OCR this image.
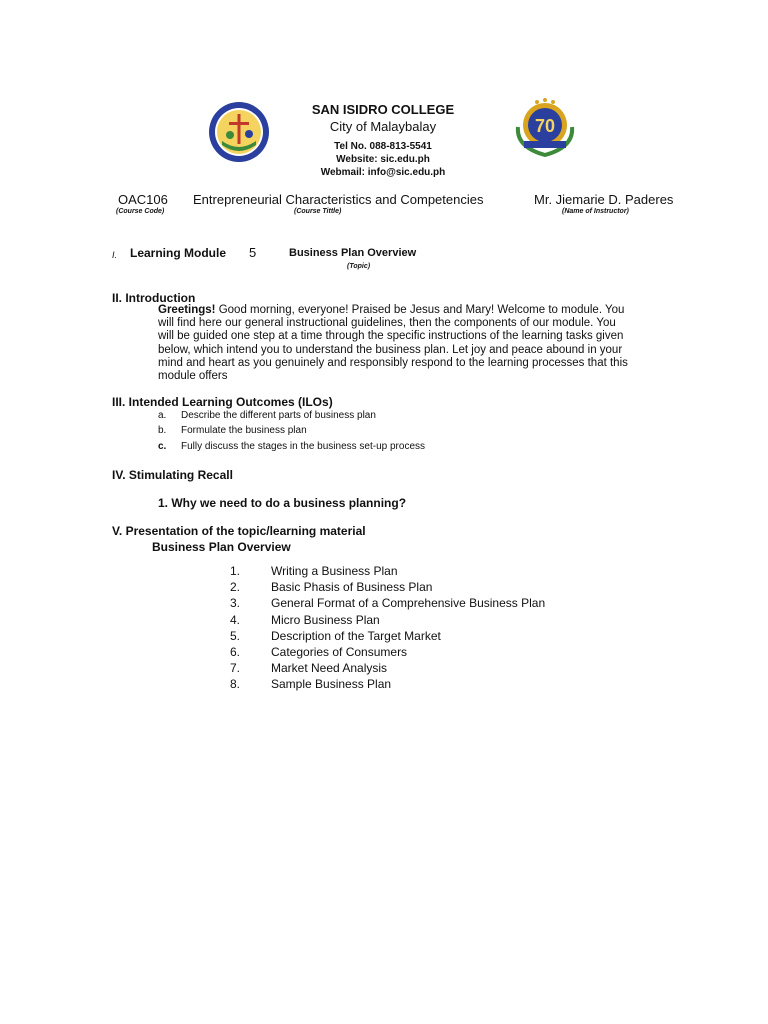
70
SAN ISIDRO COLLEGE
City of Malaybalay
Tel No. 088-813-5541
Website: sic.edu.ph
Webmail: info@sic.edu.ph
OAC106
(Course Code)
Entrepreneurial Characteristics and Competencies
(Course Tittle)
Mr. Jiemarie D. Paderes
(Name of Instructor)
I. Learning Module 5	Business Plan Overview
(Topic)
II. Introduction
Greetings! Good morning, everyone! Praised be Jesus and Mary! Welcome to module. You
will find here our general instructional guidelines, then the components of our module. You
will be guided one step at a time through the specific instructions of the learning tasks given
below, which intend you to understand the business plan. Let joy and peace abound in your
mind and heart as you genuinely and responsibly respond to the learning processes that this
module offers
III. Intended Learning Outcomes (ILOs)
a. Describe the different parts of business plan
b. Formulate the business plan
c. Fully discuss the stages in the business set-up process
IV. Stimulating Recall
1. Why we need to do a business planning?
V. Presentation of the topic/learning material
Business Plan Overview
1.	Writing a Business Plan
2.	Basic Phasis of Business Plan
3.	General Format of a Comprehensive Business Plan
4.	Micro Business Plan
5.	Description of the Target Market
6.	Categories of Consumers
7.	Market Need Analysis
8.	Sample Business Plan
